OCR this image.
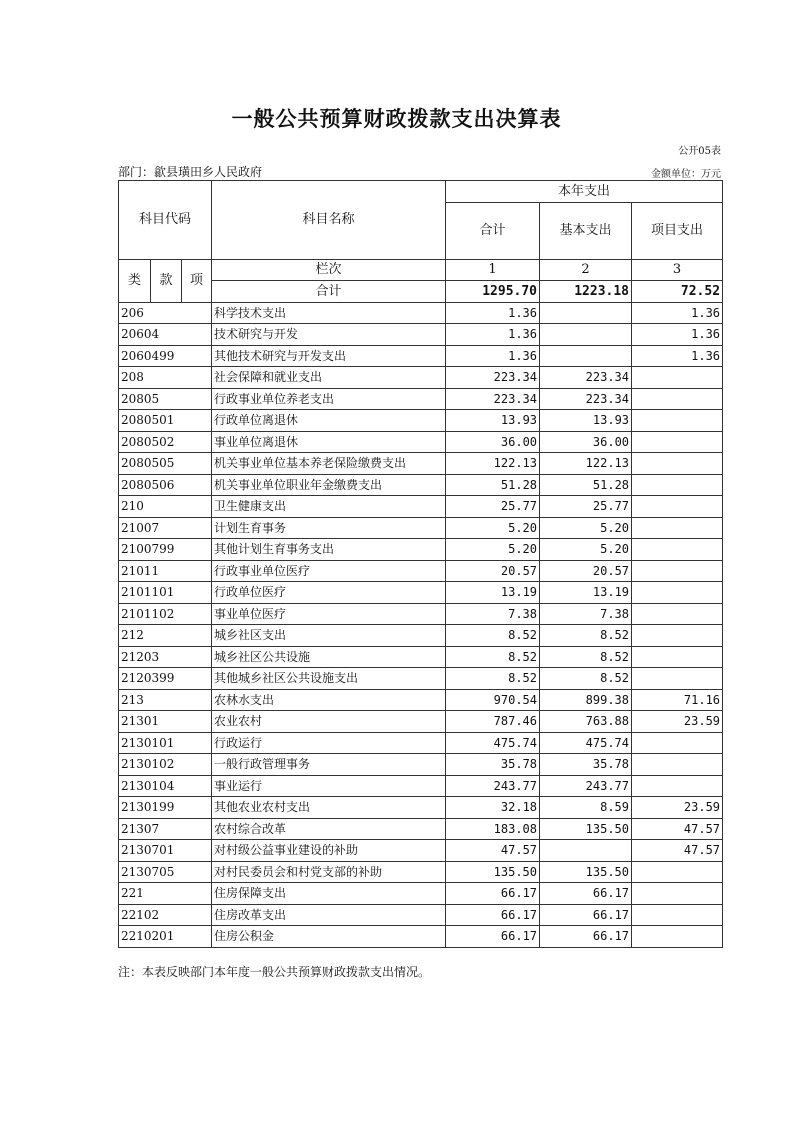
一般公共预算财政拨款支出决算表
公开05表
部门：歙县璜田乡人民政府	金额单位：万元
科目代码			科目名称	本年支出		
				合计	基本支出	项目支出
类	款	项	栏次	1	2	3
			合计	1295.70	1223.18	72.52
206			科学技术支出	1.36		1.36
20604			技术研究与开发	1.36		1.36
2060499			其他技术研究与开发支出	1.36		1.36
208			社会保障和就业支出	223.34	223.34	
20805			行政事业单位养老支出	223.34	223.34	
2080501			行政单位离退休	13.93	13.93	
2080502			事业单位离退休	36.00	36.00	
2080505			机关事业单位基本养老保险缴费支出	122.13	122.13	
2080506			机关事业单位职业年金缴费支出	51.28	51.28	
210			卫生健康支出	25.77	25.77	
21007			计划生育事务	5.20	5.20	
2100799			其他计划生育事务支出	5.20	5.20	
21011			行政事业单位医疗	20.57	20.57	
2101101			行政单位医疗	13.19	13.19	
2101102			事业单位医疗	7.38	7.38	
212			城乡社区支出	8.52	8.52	
21203			城乡社区公共设施	8.52	8.52	
2120399			其他城乡社区公共设施支出	8.52	8.52	
213			农林水支出	970.54	899.38	71.16
21301			农业农村	787.46	763.88	23.59
2130101			行政运行	475.74	475.74	
2130102			一般行政管理事务	35.78	35.78	
2130104			事业运行	243.77	243.77	
2130199			其他农业农村支出	32.18	8.59	23.59
21307			农村综合改革	183.08	135.50	47.57
2130701			对村级公益事业建设的补助	47.57		47.57
2130705			对村民委员会和村党支部的补助	135.50	135.50	
221			住房保障支出	66.17	66.17	
22102			住房改革支出	66.17	66.17	
2210201			住房公积金	66.17	66.17	
注：本表反映部门本年度一般公共预算财政拨款支出情况。
